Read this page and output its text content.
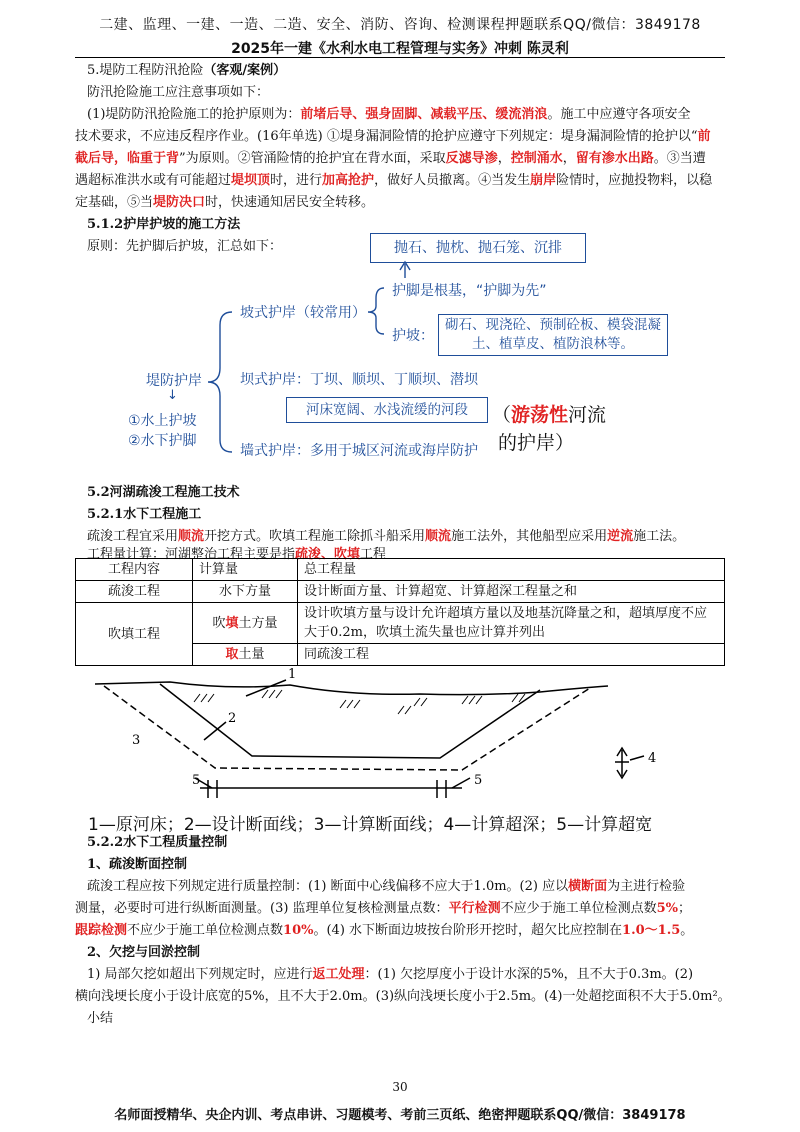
二建、监理、一建、一造、二造、安全、消防、咨询、检测课程押题联系QQ/微信：3849178
2025年一建《水利水电工程管理与实务》冲刺 陈灵利

5.堤防工程防汛抢险（客观/案例）

防汛抢险施工应注意事项如下：

(1)堤防防汛抢险施工的抢护原则为：前堵后导、强身固脚、减载平压、缓流消浪。施工中应遵守各项安全

技术要求，不应违反程序作业。(16年单选) ①堤身漏洞险情的抢护应遵守下列规定：堤身漏洞险情的抢护以“前

截后导，临重于背”为原则。②管涌险情的抢护宜在背水面，采取反滤导渗，控制涌水，留有渗水出路。③当遭

遇超标准洪水或有可能超过堤坝顶时，进行加高抢护，做好人员撤离。④当发生崩岸险情时，应抛投物料，以稳

定基础，⑤当堤防决口时，快速通知居民安全转移。

5.1.2护岸护坡的施工方法

原则：先护脚后护坡，汇总如下：	抛石、抛枕、抛石笼、沉排
护脚是根基，“护脚为先”
坡式护岸（较常用）
护坡：
砌石、现浇砼、预制砼板、模袋混凝
土、植草皮、植防浪林等。
堤防护岸
↓
①水上护坡
②水下护脚
坝式护岸：丁坝、顺坝、丁顺坝、潜坝
河床宽阔、水浅流缓的河段	（游荡性河流
的护岸）
墙式护岸：多用于城区河流或海岸防护

5.2河湖疏浚工程施工技术

5.2.1水下工程施工

疏浚工程宜采用顺流开挖方式。吹填工程施工除抓斗船采用顺流施工法外，其他船型应采用逆流施工法。

工程量计算：河湖整治工程主要是指疏浚、吹填工程

工程内容	计算量	总工程量
疏浚工程	水下方量	设计断面方量、计算超宽、计算超深工程量之和
吹填工程	吹填土方量	设计吹填方量与设计允许超填方量以及地基沉降量之和，超填厚度不应
大于0.2m，吹填土流失量也应计算并列出

	取土量	同疏浚工程
1
2
3
4
5	5
1—原河床；2—设计断面线；3—计算断面线；4—计算超深；5—计算超宽

5.2.2水下工程质量控制

1、疏浚断面控制

疏浚工程应按下列规定进行质量控制：(1) 断面中心线偏移不应大于1.0m。(2) 应以横断面为主进行检验

测量，必要时可进行纵断面测量。(3) 监理单位复核检测量点数：平行检测不应少于施工单位检测点数5%；

跟踪检测不应少于施工单位检测点数10%。(4) 水下断面边坡按台阶形开挖时，超欠比应控制在1.0～1.5。

2、欠挖与回淤控制

1) 局部欠挖如超出下列规定时，应进行返工处理：(1) 欠挖厚度小于设计水深的5%，且不大于0.3m。(2)

横向浅埂长度小于设计底宽的5%，且不大于2.0m。(3)纵向浅埂长度小于2.5m。(4)一处超挖面积不大于5.0m²。

小结

30
名师面授精华、央企内训、考点串讲、习题模考、考前三页纸、绝密押题联系QQ/微信：3849178
